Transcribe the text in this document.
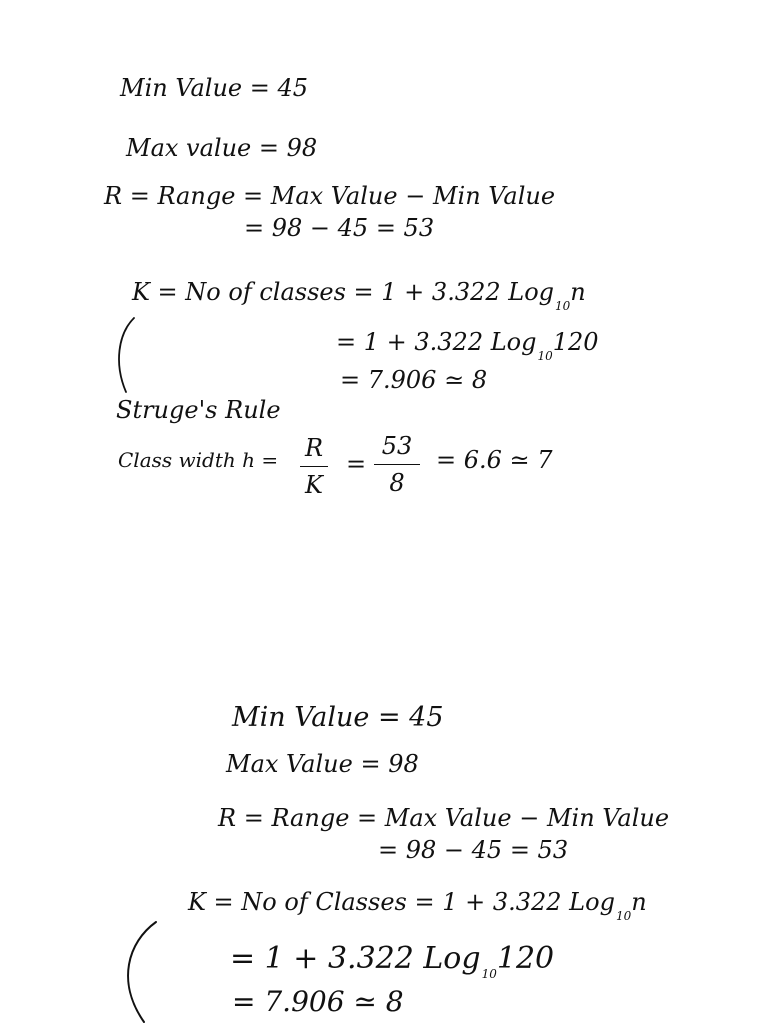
Min Value = 45
Max value = 98
R = Range = Max Value − Min Value
= 98 − 45 = 53
K = No of classes = 1 + 3.322 Log$_{10}$n
= 1 + 3.322 Log$_{10}$120
= 7.906 ≃ 8
Struge's Rule
Class width h = R
K
=
53
8
= 6.6 ≃ 7
Min Value = 45
Max Value = 98
R = Range = Max Value − Min Value
= 98 − 45 = 53
K = No of Classes = 1 + 3.322 Log$_{10}$n
= 1 + 3.322 Log$_{10}$120
= 7.906 ≃ 8
